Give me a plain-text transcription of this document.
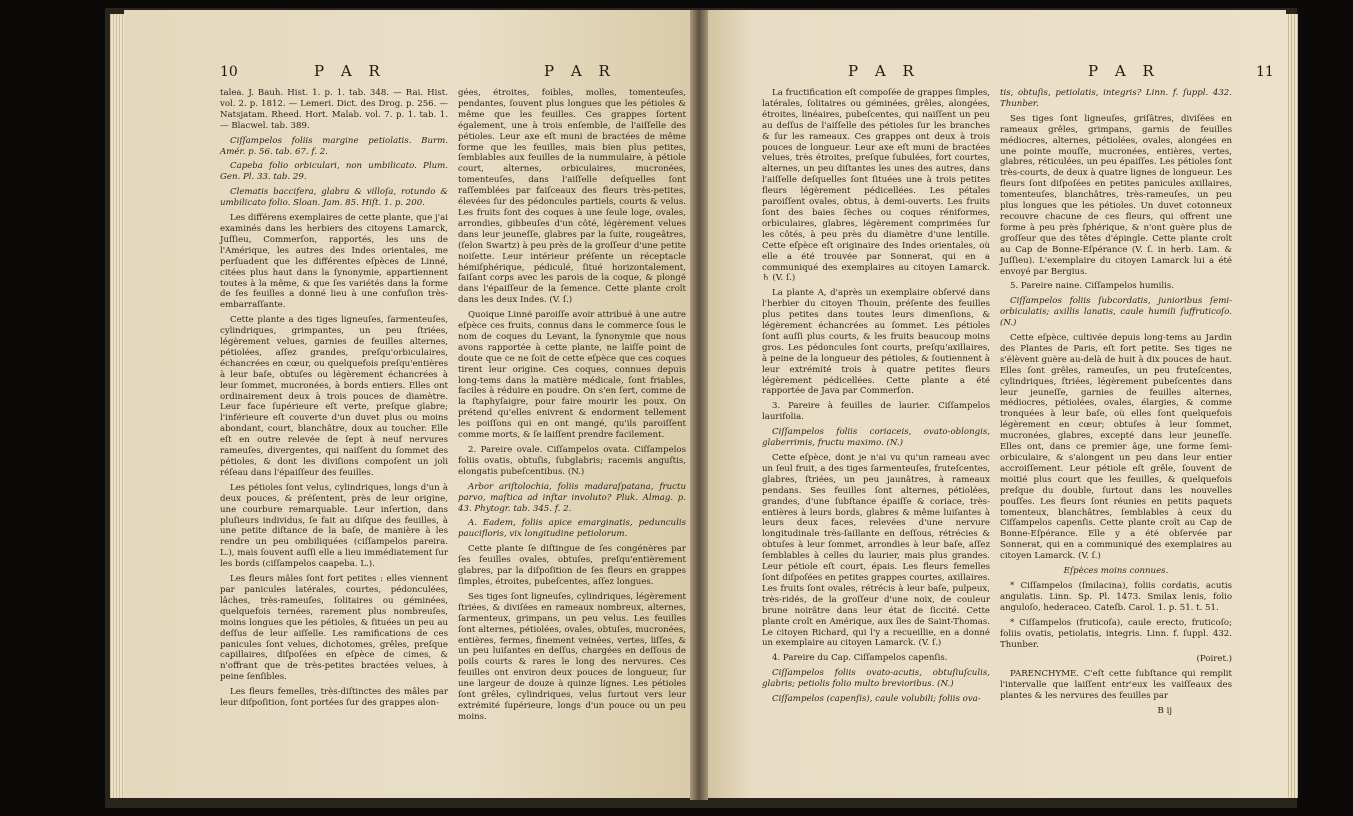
10	P A R	P A R

talea. J. Bauh. Hist. 1. p. 1. tab. 348. — Rai. Hist. vol. 2. p. 1812. — Lemeri. Dict. des Drog. p. 256. — Natsjatam. Rheed. Hort. Malab. vol. 7. p. 1. tab. 1. — Blacwel. tab. 389.

Ciſſampelos foliis margine petiolatis. Burm. Amér. p. 56. tab. 67. f. 2.

Capeba folio orbiculari, non umbilicato. Plum. Gen. Pl. 33. tab. 29.

Clematis baccifera, glabra & villoſa, rotundo & umbilicato folio. Sloan. Jam. 85. Hiſt. 1. p. 200.

Les différens exemplaires de cette plante, que j'ai examinés dans les herbiers des citoyens Lamarck, Juſſieu, Commerſon, rapportés, les uns de l'Amérique, les autres des Indes orientales, me perſuadent que les différentes eſpèces de Linné, citées plus haut dans la ſynonymie, appartiennent toutes à la même, & que ſes variétés dans la forme de ſes feuilles a donné lieu à une confuſion très-embarraſſante.

Cette plante a des tiges ligneuſes, ſarmenteuſes, cylindriques, grimpantes, un peu ſtriées, légèrement velues, garnies de feuilles alternes, pétiolées, aſſez grandes, preſqu'orbiculaires, échancrées en cœur, ou quelquefois preſqu'entières à leur baſe, obtuſes ou légèrement échancrées à leur ſommet, mucronées, à bords entiers. Elles ont ordinairement deux à trois pouces de diamètre. Leur face ſupérieure eſt verte, preſque glabre; l'inférieure eſt couverte d'un duvet plus ou moins abondant, court, blanchâtre, doux au toucher. Elle eſt en outre relevée de ſept à neuf nervures rameuſes, divergentes, qui naiſſent du ſommet des pétioles, & dont les diviſions compoſent un joli réſeau dans l'épaiſſeur des feuilles.

Les pétioles ſont velus, cylindriques, longs d'un à deux pouces, & préſentent, près de leur origine, une courbure remarquable. Leur inſertion, dans pluſieurs individus, ſe fait au diſque des feuilles, à une petite diſtance de la baſe, de manière à les rendre un peu ombiliquées (ciſſampelos pareira. L.), mais ſouvent auſſi elle a lieu immédiatement ſur les bords (ciſſampelos caapeba. L.).

Les fleurs mâles ſont fort petites : elles viennent par panicules latérales, courtes, pédonculées, lâches, très-rameuſes, ſolitaires ou géminées, quelquefois ternées, rarement plus nombreuſes, moins longues que les pétioles, & ſituées un peu au deſſus de leur aiſſelle. Les ramifications de ces panicules ſont velues, dichotomes, grêles, preſque capillaires, diſpoſées en eſpèce de cimes, & n'offrant que de très-petites bractées velues, à peine ſenſibles.

Les fleurs femelles, très-diſtinctes des mâles par leur diſpoſition, ſont portées ſur des grappes alon-

gées, étroites, foibles, molles, tomenteuſes, pendantes, ſouvent plus longues que les pétioles & même que les feuilles. Ces grappes ſortent également, une à trois enſemble, de l'aiſſelle des pétioles. Leur axe eſt muni de bractées de même forme que les feuilles, mais bien plus petites, ſemblables aux feuilles de la nummulaire, à pétiole court, alternes, orbiculaires, mucronées, tomenteuſes, dans l'aiſſelle deſquelles ſont raſſemblées par faiſceaux des fleurs très-petites, élevées ſur des pédoncules partiels, courts & velus. Les fruits ſont des coques à une ſeule loge, ovales, arrondies, gibbeuſes d'un côté, légèrement velues dans leur jeuneſſe, glabres par la ſuite, rougeâtres, (ſelon Swartz) à peu près de la groſſeur d'une petite noiſette. Leur intérieur préſente un réceptacle hémiſphérique, pédiculé, ſitué horizontalement, faiſant corps avec les parois de la coque, & plongé dans l'épaiſſeur de la ſemence. Cette plante croît dans les deux Indes. (V. ſ.)

Quoique Linné paroiſſe avoir attribué à une autre eſpèce ces fruits, connus dans le commerce ſous le nom de coques du Levant, la ſynonymie que nous avons rapportée à cette plante, ne laiſſe point de doute que ce ne ſoit de cette eſpèce que ces coques tirent leur origine. Ces coques, connues depuis long-tems dans la matière médicale, ſont friables, faciles à réduire en poudre. On s'en ſert, comme de la ſtaphyſaigre, pour faire mourir les poux. On prétend qu'elles enivrent & endorment tellement les poiſſons qui en ont mangé, qu'ils paroiſſent comme morts, & ſe laiſſent prendre facilement.

2. Pareire ovale. Ciſſampelos ovata. Ciſſampelos foliis ovatis, obtuſis, ſubglabris; racemis anguſtis, elongatis pubeſcentibus. (N.)

Arbor ariſtolochia, foliis madaraſpatana, fructu parvo, maſtica ad inſtar involuto? Pluk. Almag. p. 43. Phytogr. tab. 345. f. 2.

A. Eadem, foliis apice emarginatis, pedunculis paucifloris, vix longitudine petiolorum.

Cette plante ſe diſtingue de ſes congénères par ſes feuilles ovales, obtuſes, preſqu'entièrement glabres, par la diſpoſition de ſes fleurs en grappes ſimples, étroites, pubeſcentes, aſſez longues.

Ses tiges ſont ligneuſes, cylindriques, légèrement ſtriées, & diviſées en rameaux nombreux, alternes, ſarmenteux, grimpans, un peu velus. Les feuilles ſont alternes, pétiolées, ovales, obtuſes, mucronées, entières, fermes, finement veinées, vertes, liſſes, & un peu luiſantes en deſſus, chargées en deſſous de poils courts & rares le long des nervures. Ces feuilles ont environ deux pouces de longueur, ſur une largeur de douze à quinze lignes. Les pétioles ſont grêles, cylindriques, velus ſurtout vers leur extrémité ſupérieure, longs d'un pouce ou un peu moins.

P A R	P A R	11

La fructification eſt compoſée de grappes ſimples, latérales, ſolitaires ou géminées, grêles, alongées, étroites, linéaires, pubeſcentes, qui naiſſent un peu au deſſus de l'aiſſelle des pétioles ſur les branches & ſur les rameaux. Ces grappes ont deux à trois pouces de longueur. Leur axe eſt muni de bractées velues, très étroites, preſque ſubulées, fort courtes, alternes, un peu diſtantes les unes des autres, dans l'aiſſelle deſquelles ſont ſituées une à trois petites fleurs légèrement pédicellées. Les pétales paroiſſent ovales, obtus, à demi-ouverts. Les fruits ſont des baies ſèches ou coques réniformes, orbiculaires, glabres, légèrement comprimées ſur les côtés, à peu près du diamètre d'une lentille. Cette eſpèce eſt originaire des Indes orientales, où elle a été trouvée par Sonnerat, qui en a communiqué des exemplaires au citoyen Lamarck. ♄ (V. ſ.)

La plante A, d'après un exemplaire obſervé dans l'herbier du citoyen Thouin, préſente des feuilles plus petites dans toutes leurs dimenſions, & légèrement échancrées au ſommet. Les pétioles ſont auſſi plus courts, & les fruits beaucoup moins gros. Les pédoncules ſont courts, preſqu'axillaires, à peine de la longueur des pétioles, & ſoutiennent à leur extrémité trois à quatre petites fleurs légèrement pédicellées. Cette plante a été rapportée de Java par Commerſon.

3. Pareire à feuilles de laurier. Ciſſampelos laurifolia.

Ciſſampelos foliis coriaceis, ovato-oblongis, glaberrimis, fructu maximo. (N.)

Cette eſpèce, dont je n'ai vu qu'un rameau avec un ſeul fruit, a des tiges ſarmenteuſes, fruteſcentes, glabres, ſtriées, un peu jaunâtres, à rameaux pendans. Ses feuilles ſont alternes, pétiolées, grandes, d'une ſubſtance épaiſſe & coriace, très-entières à leurs bords, glabres & même luiſantes à leurs deux faces, relevées d'une nervure longitudinale très-ſaillante en deſſous, rétrécies & obtuſes à leur ſommet, arrondies à leur baſe, aſſez ſemblables à celles du laurier, mais plus grandes. Leur pétiole eſt court, épais. Les fleurs femelles ſont diſpoſées en petites grappes courtes, axillaires. Les fruits ſont ovales, rétrécis à leur baſe, pulpeux, très-ridés, de la groſſeur d'une noix, de couleur brune noirâtre dans leur état de ſiccité. Cette plante croît en Amérique, aux îles de Saint-Thomas. Le citoyen Richard, qui l'y a recueillie, en a donné un exemplaire au citoyen Lamarck. (V. ſ.)

4. Pareire du Cap. Ciſſampelos capenſis.

Ciſſampelos foliis ovato-acutis, obtuſiuſculis, glabris; petiolis folio multo brevioribus. (N.)

Ciſſampelos (capenſis), caule volubili; foliis ova-

tis, obtuſis, petiolatis, integris? Linn. f. ſuppl. 432. Thunber.

Ses tiges ſont ligneuſes, griſâtres, diviſées en rameaux grêles, grimpans, garnis de feuilles médiocres, alternes, pétiolées, ovales, alongées en une pointe mouſſe, mucronées, entières, vertes, glabres, réticulées, un peu épaiſſes. Les pétioles ſont très-courts, de deux à quatre lignes de longueur. Les fleurs ſont diſpoſées en petites panicules axillaires, tomenteuſes, blanchâtres, très-rameuſes, un peu plus longues que les pétioles. Un duvet cotonneux recouvre chacune de ces fleurs, qui offrent une forme à peu près ſphérique, & n'ont guère plus de groſſeur que des têtes d'épingle. Cette plante croît au Cap de Bonne-Eſpérance (V. ſ. in herb. Lam. & Juſſieu). L'exemplaire du citoyen Lamarck lui a été envoyé par Bergius.

5. Pareire naine. Ciſſampelos humilis.

Ciſſampelos foliis ſubcordatis, junioribus ſemi-orbiculatis; axillis lanatis, caule humili ſuffruticoſo. (N.)

Cette eſpèce, cultivée depuis long-tems au Jardin des Plantes de Paris, eſt fort petite. Ses tiges ne s'élèvent guère au-delà de huit à dix pouces de haut. Elles ſont grêles, rameuſes, un peu fruteſcentes, cylindriques, ſtriées, légèrement pubeſcentes dans leur jeuneſſe, garnies de feuilles alternes, médiocres, pétiolées, ovales, élargies, & comme tronquées à leur baſe, où elles ſont quelquefois légèrement en cœur; obtuſes à leur ſommet, mucronées, glabres, excepté dans leur jeuneſſe. Elles ont, dans ce premier âge, une forme ſemi-orbiculaire, & s'alongent un peu dans leur entier accroiſſement. Leur pétiole eſt grêle, ſouvent de moitié plus court que les feuilles, & quelquefois preſque du double, ſurtout dans les nouvelles pouſſes. Les fleurs ſont réunies en petits paquets tomenteux, blanchâtres, ſemblables à ceux du Ciſſampelos capenſis. Cette plante croît au Cap de Bonne-Eſpérance. Elle y a été obſervée par Sonnerat, qui en a communiqué des exemplaires au citoyen Lamarck. (V. ſ.)

Eſpèces moins connues.

* Ciſſampelos (ſmilacina), foliis cordatis, acutis angulatis. Linn. Sp. Pl. 1473. Smilax lenis, folio anguloſo, hederaceo. Cateſb. Carol. 1. p. 51. t. 51.

* Ciſſampelos (fruticoſa), caule erecto, fruticoſo; foliis ovatis, petiolatis, integris. Linn. f. ſuppl. 432. Thunber.

(Poiret.)

PARENCHYME. C'eſt cette ſubſtance qui remplit l'intervalle que laiſſent entr'eux les vaiſſeaux des plantes & les nervures des feuilles par

B ij
